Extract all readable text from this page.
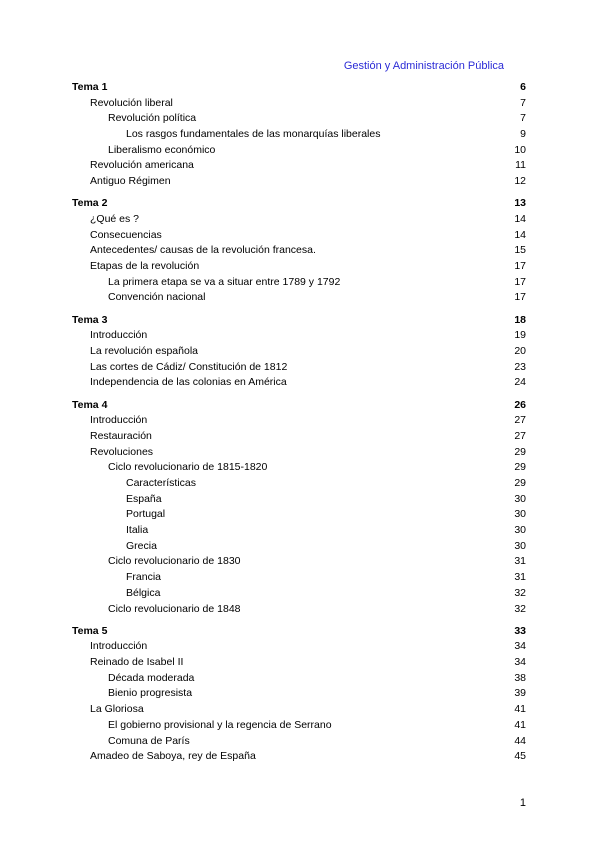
Gestión y Administración Pública
Tema 1	6
Revolución liberal	7
Revolución política	7
Los rasgos fundamentales de las monarquías liberales	9
Liberalismo económico	10
Revolución americana	11
Antiguo Régimen	12
Tema 2	13
¿Qué es ?	14
Consecuencias	14
Antecedentes/ causas de la revolución francesa.	15
Etapas de la revolución	17
La primera etapa se va a situar entre 1789 y 1792	17
Convención nacional	17
Tema 3	18
Introducción	19
La revolución española	20
Las cortes de Cádiz/ Constitución de 1812	23
Independencia de las colonias en América	24
Tema 4	26
Introducción	27
Restauración	27
Revoluciones	29
Ciclo revolucionario de 1815-1820	29
Características	29
España	30
Portugal	30
Italia	30
Grecia	30
Ciclo revolucionario de 1830	31
Francia	31
Bélgica	32
Ciclo revolucionario de 1848	32
Tema 5	33
Introducción	34
Reinado de Isabel II	34
Década moderada	38
Bienio progresista	39
La Gloriosa	41
El gobierno provisional y la regencia de Serrano	41
Comuna de París	44
Amadeo de Saboya, rey de España	45
1
